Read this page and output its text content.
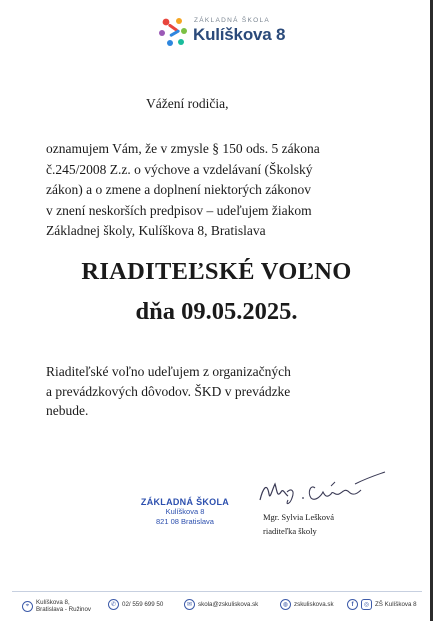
ZÁKLADNÁ ŠKOLA
Kulíškova 8
Vážení rodičia,
oznamujem Vám, že v zmysle § 150 ods. 5 zákona
č.245/2008 Z.z. o výchove a vzdelávaní (Školský
zákon) a o zmene a doplnení niektorých zákonov
v znení neskorších predpisov – udeľujem žiakom
Základnej školy, Kulíškova 8, Bratislava
RIADITEĽSKÉ VOĽNO
dňa 09.05.2025.
Riaditeľské voľno udeľujem z organizačných
a prevádzkových dôvodov. ŠKD v prevádzke
nebude.
ZÁKLADNÁ ŠKOLA
Kulíškova 8
821 08 Bratislava	Mgr. Sylvia Lešková
riaditeľka školy
⌖	Kulíškova 8,
Bratislava - Ružinov
✆ 02/ 559 699 50	✉ skola@zskuliskova.sk	◍ zskuliskova.sk	f	◎ ZŠ Kulíškova 8
